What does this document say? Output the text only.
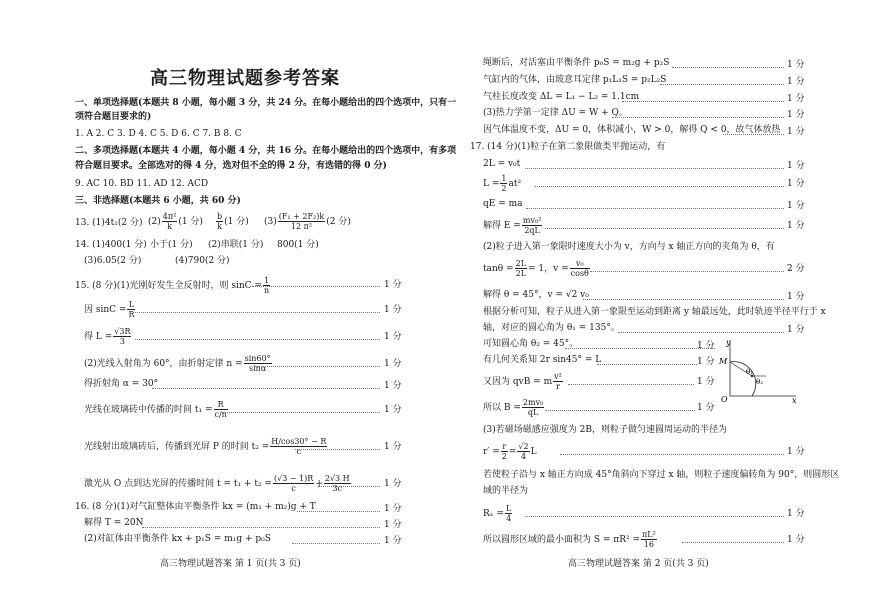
高三物理试题参考答案
一、单项选择题(本题共 8 小题，每小题 3 分，共 24 分。在每小题给出的四个选项中，只有一
项符合题目要求的)
1. A 2. C 3. D 4. C 5. D 6. C 7. B 8. C
二、多项选择题(本题共 4 小题，每小题 4 分，共 16 分。在每小题给出的四个选项中，有多项
符合题目要求。全部选对的得 4 分，选对但不全的得 2 分，有选错的得 0 分)
9. AC 10. BD 11. AD 12. ACD
三、非选择题(本题共 6 小题，共 60 分)
13. (1)4t₁(2 分) $(2) \frac{\text{4π²}}{k} (1$ 分) $\frac{b}{k} (1$ 分) $(3) \frac{\text{(F₁ + 2F₂)k}}{\text{12 π²}} (2$ 分)
14. (1)400(1 分) 小于(1 分) (2)串联(1 分) 800(1 分)
(3)6.05(2 分)	(4)790(2 分)
15. (8 分)(1)光刚好发生全反射时，则 $\sin C = \frac{1}{n}$	1 分
因 $\sin C = \frac{L}{R}$	1 分
得 $L = \frac{√3R}{3}$	1 分
(2)光线入射角为 60°，由折射定律 $n = \frac{\sin 60^\circ}{\sin\alpha}$	1 分
得折射角 α = 30°	1 分
光线在玻璃砖中传播的时间 $t_1 = \frac{R}{c/n}$	1 分
光线射出玻璃砖后，传播到光屏 P 的时间 $t_2 = \frac{H/\cos 30^\circ - R}{c}$	1 分
激光从 O 点到达光屏的传播时间 $t = t_1 + t_2 = \frac{(√3 - 1)R}{c} + \frac{2√3 H}{3c}$	1 分
16. (8 分)(1)对气缸整体由平衡条件 kx = (m₁ + m₂)g + T	1 分
解得 T = 20N	1 分
(2)对缸体由平衡条件 kx + p₁S = m₁g + p₀S	1 分
高三物理试题答案 第 1 页(共 3 页)
绳断后，对活塞由平衡条件 p₀S = m₂g + p₂S	1 分
气缸内的气体，由玻意耳定律 p₁L₁S = p₂L₂S	1 分
气柱长度改变 ΔL = L₁ − L₂ = 1.1cm	1 分
(3)热力学第一定律 ΔU = W + Q。	1 分
因气体温度不变，ΔU = 0，体积减小，W > 0，解得 Q < 0，故气体放热 1 分
17. (14 分)(1)粒子在第二象限做类平抛运动，有
2L = v₀t	1 分
$L = \frac{1}{2} at^2$	1 分
qE = ma	1 分
解得 $E = \frac{\text{mv₀²}}{2qL}$	1 分
(2)粒子进入第一象限时速度大小为 v，方向与 x 轴正方向的夹角为 θ，有
$\tan\theta = \frac{2L}{2L} = 1$，$v = \frac{\text{v₀}}{\cos\theta}$	2 分
解得 θ = 45°，v = √2 v₀	1 分
根据分析可知，粒子从进入第一象限至运动到距离 y 轴最远处，此时轨迹半径平行于 x
轴，对应的圆心角为 θ₁ = 135°。	1 分
可知圆心角 θ₂ = 45°。	1 分
有几何关系知 2r sin45° = L	1 分
又因为 qvB = m $\frac{\text{v²}}{r}$	1 分
所以 $B = \frac{\text{2mv₀}}{qL}$	1 分
y
M
θ₁
θ₂
O	x
(3)若磁场磁感应强度为 2B，则粒子做匀速圆周运动的半径为
$r' = \frac{r}{2} = \frac{√2}{4}$ L	1 分
若使粒子沿与 x 轴正方向成 45°角斜向下穿过 x 轴，则粒子速度偏转角为 90°，则圆形区
域的半径为
$R_x = \frac{L}{4}$	1 分
所以圆形区域的最小面积为 $S = \pi R^2 = \frac{\text{πL²}}{16}$	1 分
高三物理试题答案 第 2 页(共 3 页)
